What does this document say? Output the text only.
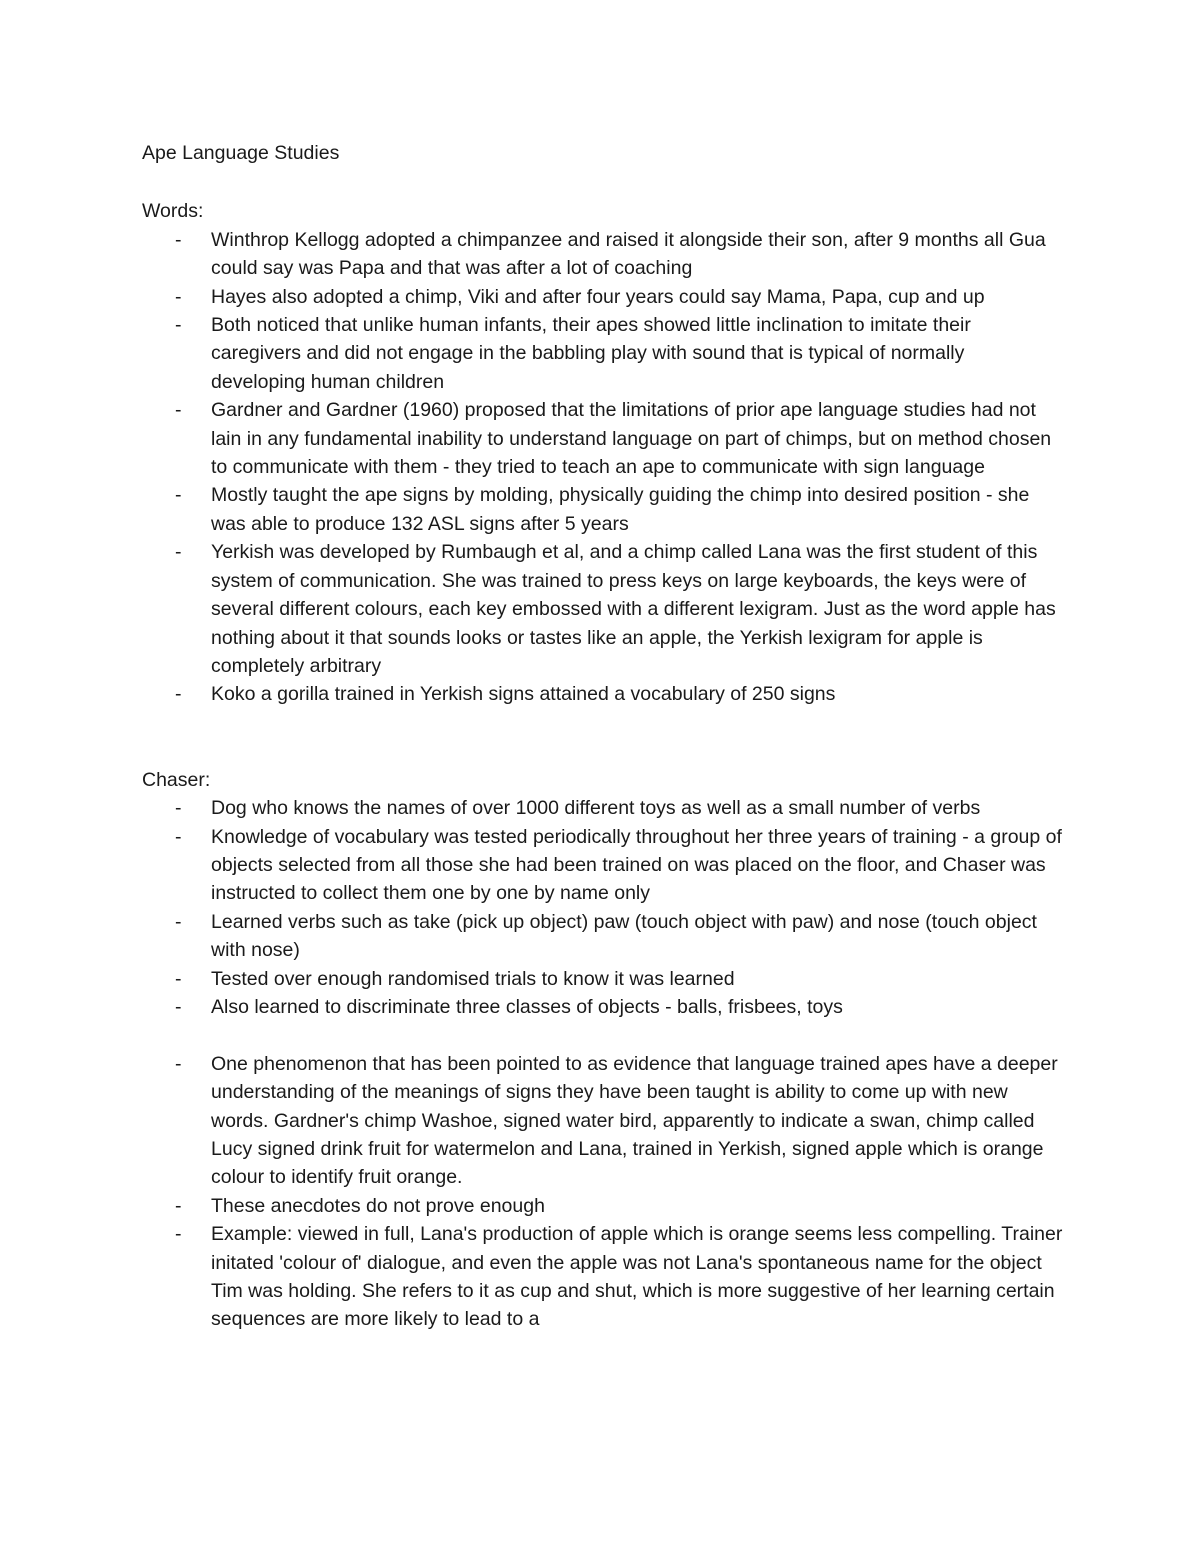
Ape Language Studies

Words:

- Winthrop Kellogg adopted a chimpanzee and raised it alongside their son, after 9 months all Gua could say was Papa and that was after a lot of coaching
- Hayes also adopted a chimp, Viki and after four years could say Mama, Papa, cup and up
- Both noticed that unlike human infants, their apes showed little inclination to imitate their caregivers and did not engage in the babbling play with sound that is typical of normally developing human children
- Gardner and Gardner (1960) proposed that the limitations of prior ape language studies had not lain in any fundamental inability to understand language on part of chimps, but on method chosen to communicate with them - they tried to teach an ape to communicate with sign language
- Mostly taught the ape signs by molding, physically guiding the chimp into desired position - she was able to produce 132 ASL signs after 5 years
- Yerkish was developed by Rumbaugh et al, and a chimp called Lana was the first student of this system of communication. She was trained to press keys on large keyboards, the keys were of several different colours, each key embossed with a different lexigram. Just as the word apple has nothing about it that sounds looks or tastes like an apple, the Yerkish lexigram for apple is completely arbitrary
- Koko a gorilla trained in Yerkish signs attained a vocabulary of 250 signs

Chaser:

- Dog who knows the names of over 1000 different toys as well as a small number of verbs
- Knowledge of vocabulary was tested periodically throughout her three years of training - a group of objects selected from all those she had been trained on was placed on the floor, and Chaser was instructed to collect them one by one by name only
- Learned verbs such as take (pick up object) paw (touch object with paw) and nose (touch object with nose)
- Tested over enough randomised trials to know it was learned
- Also learned to discriminate three classes of objects - balls, frisbees, toys
- One phenomenon that has been pointed to as evidence that language trained apes have a deeper understanding of the meanings of signs they have been taught is ability to come up with new words. Gardner's chimp Washoe, signed water bird, apparently to indicate a swan, chimp called Lucy signed drink fruit for watermelon and Lana, trained in Yerkish, signed apple which is orange colour to identify fruit orange.
- These anecdotes do not prove enough
- Example: viewed in full, Lana's production of apple which is orange seems less compelling. Trainer initated 'colour of' dialogue, and even the apple was not Lana's spontaneous name for the object Tim was holding. She refers to it as cup and shut, which is more suggestive of her learning certain sequences are more likely to lead to a
